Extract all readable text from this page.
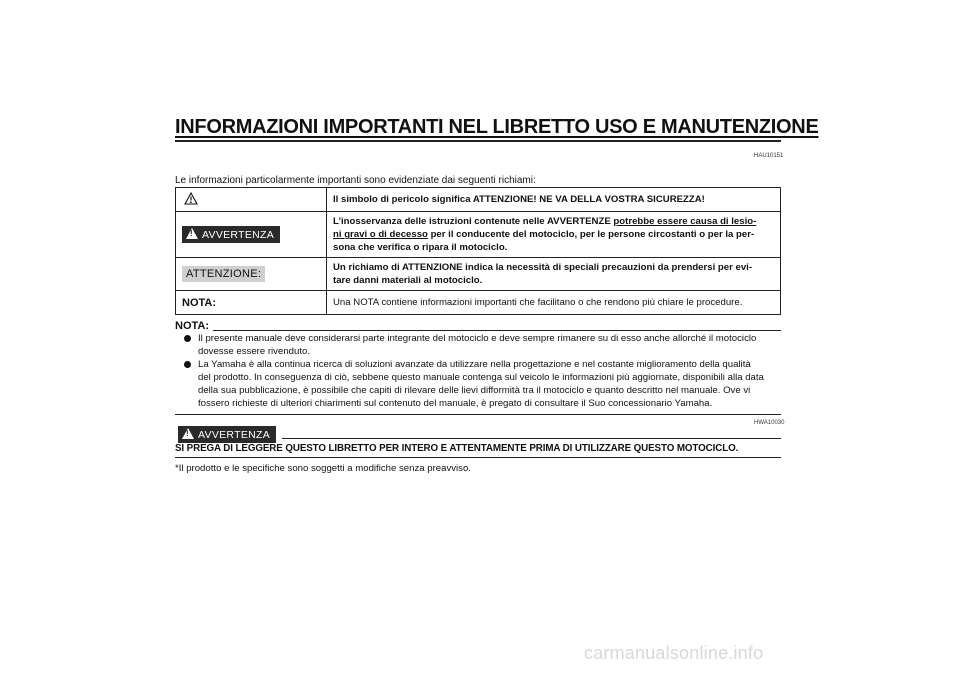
INFORMAZIONI IMPORTANTI NEL LIBRETTO USO E MANUTENZIONE
HAU10151
Le informazioni particolarmente importanti sono evidenziate dai seguenti richiami:
	Il simbolo di pericolo significa ATTENZIONE! NE VA DELLA VOSTRA SICUREZZA!
!AVVERTENZA	L’inosservanza delle istruzioni contenute nelle AVVERTENZE potrebbe essere causa di lesio-
ni gravi o di decesso per il conducente del motociclo, per le persone circostanti o per la per-
sona che verifica o ripara il motociclo.

ATTENZIONE:	Un richiamo di ATTENZIONE indica la necessità di speciali precauzioni da prendersi per evi-
tare danni materiali al motociclo.

NOTA:	Una NOTA contiene informazioni importanti che facilitano o che rendono più chiare le procedure.
NOTA:
Il presente manuale deve considerarsi parte integrante del motociclo e deve sempre rimanere su di esso anche allorché il motociclo
dovesse essere rivenduto.
La Yamaha è alla continua ricerca di soluzioni avanzate da utilizzare nella progettazione e nel costante miglioramento della qualità
del prodotto. In conseguenza di ciò, sebbene questo manuale contenga sul veicolo le informazioni più aggiornate, disponibili alla data
della sua pubblicazione, è possibile che capiti di rilevare delle lievi difformità tra il motociclo e quanto descritto nel manuale. Ove vi
fossero richieste di ulteriori chiarimenti sul contenuto del manuale, è pregato di consultare il Suo concessionario Yamaha.
HWA10030
!AVVERTENZA
SI PREGA DI LEGGERE QUESTO LIBRETTO PER INTERO E ATTENTAMENTE PRIMA DI UTILIZZARE QUESTO MOTOCICLO.
*Il prodotto e le specifiche sono soggetti a modifiche senza preavviso.
carmanualsonline.info
